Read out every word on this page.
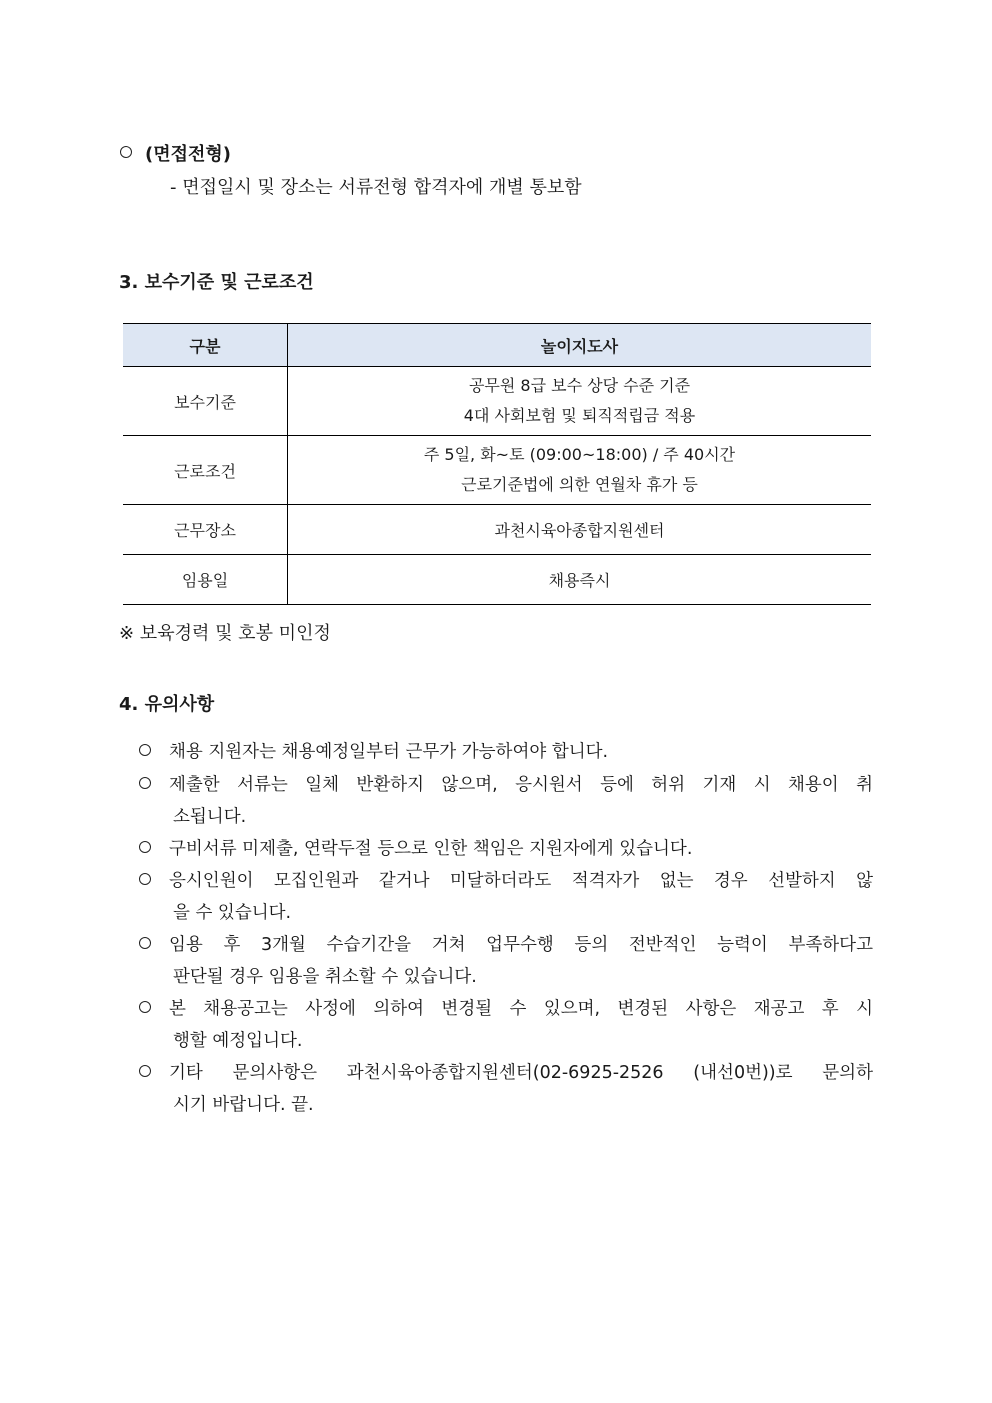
(면접전형)
- 면접일시 및 장소는 서류전형 합격자에 개별 통보함
3. 보수기준 및 근로조건
구분	놀이지도사
보수기준	공무원 8급 보수 상당 수준 기준
4대 사회보험 및 퇴직적립금 적용

근로조건	주 5일, 화~토 (09:00~18:00) / 주 40시간
근로기준법에 의한 연월차 휴가 등

근무장소	과천시육아종합지원센터
임용일	채용즉시
※ 보육경력 및 호봉 미인정
4. 유의사항
채용 지원자는 채용예정일부터 근무가 가능하여야 합니다.
제출한 서류는 일체 반환하지 않으며, 응시원서 등에 허위 기재 시 채용이 취
소됩니다.
구비서류 미제출, 연락두절 등으로 인한 책임은 지원자에게 있습니다.
응시인원이 모집인원과 같거나 미달하더라도 적격자가 없는 경우 선발하지 않
을 수 있습니다.
임용 후 3개월 수습기간을 거쳐 업무수행 등의 전반적인 능력이 부족하다고
판단될 경우 임용을 취소할 수 있습니다.
본 채용공고는 사정에 의하여 변경될 수 있으며, 변경된 사항은 재공고 후 시
행할 예정입니다.
기타 문의사항은 과천시육아종합지원센터(02-6925-2526 (내선0번))로 문의하
시기 바랍니다. 끝.
